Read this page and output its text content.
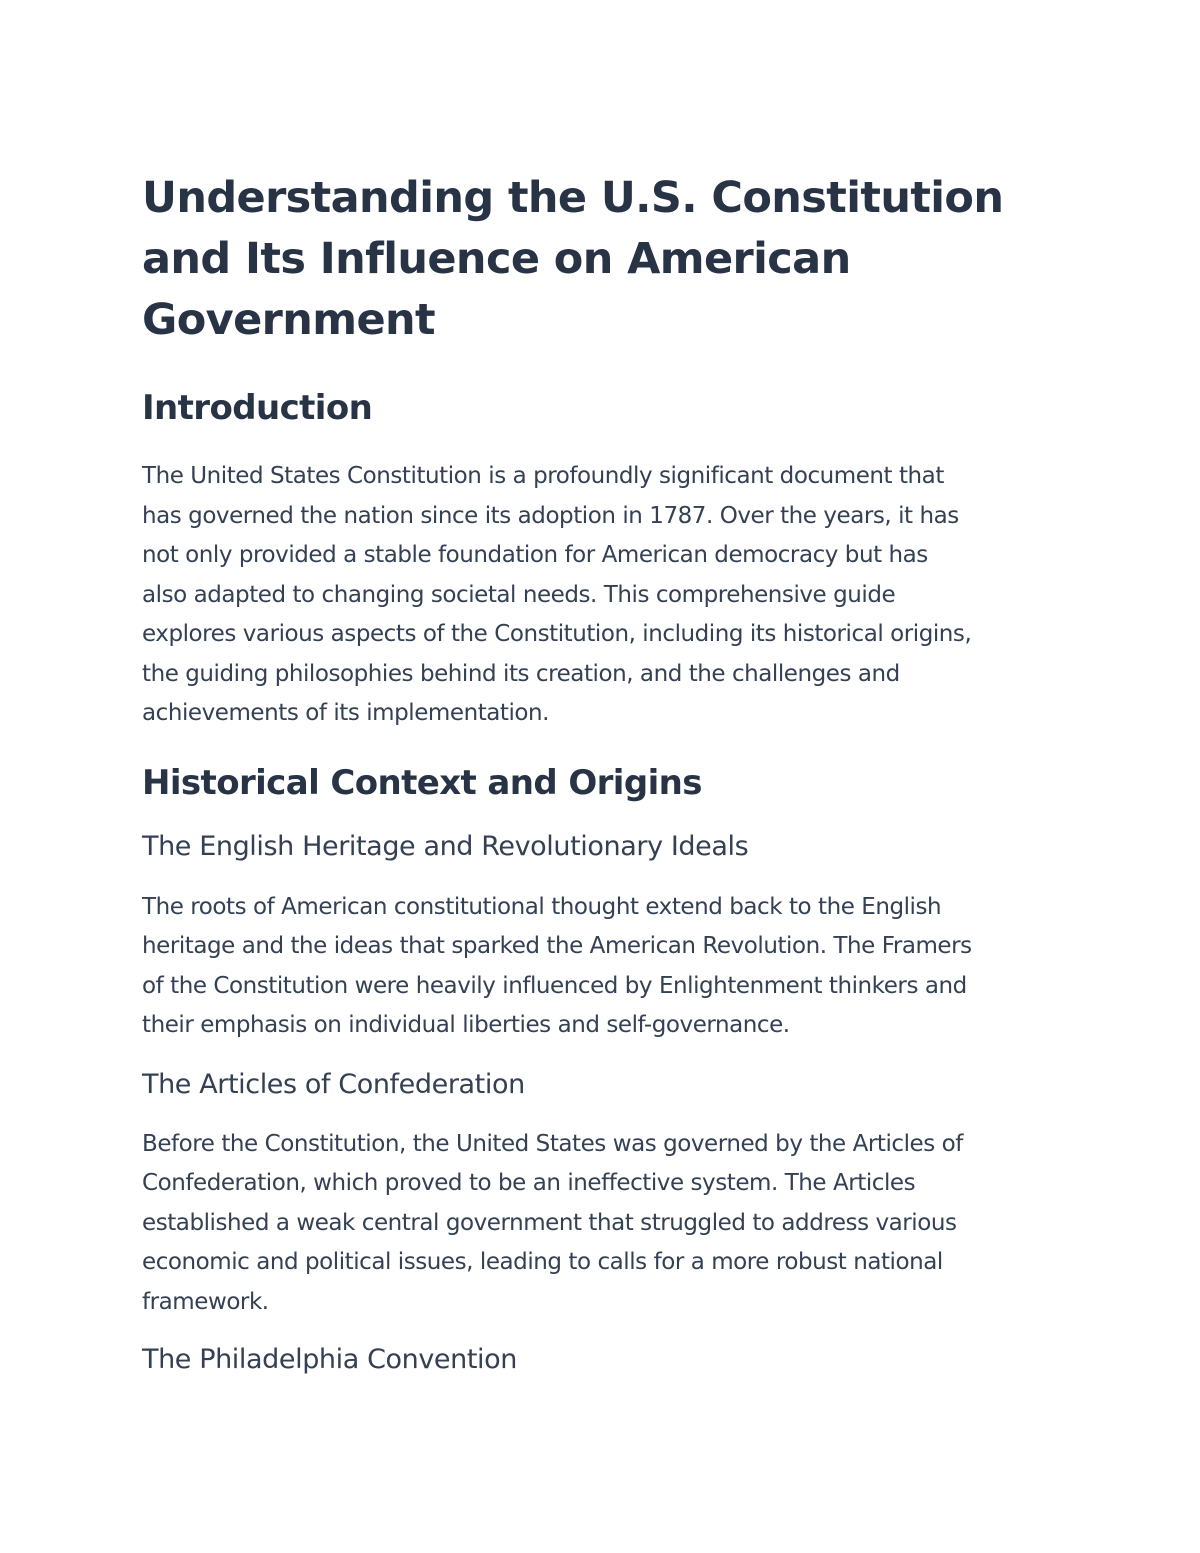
Understanding the U.S. Constitution
and Its Influence on American
Government
Introduction

The United States Constitution is a profoundly significant document that
has governed the nation since its adoption in 1787. Over the years, it has
not only provided a stable foundation for American democracy but has
also adapted to changing societal needs. This comprehensive guide
explores various aspects of the Constitution, including its historical origins,
the guiding philosophies behind its creation, and the challenges and
achievements of its implementation.

Historical Context and Origins
The English Heritage and Revolutionary Ideals

The roots of American constitutional thought extend back to the English
heritage and the ideas that sparked the American Revolution. The Framers
of the Constitution were heavily influenced by Enlightenment thinkers and
their emphasis on individual liberties and self-governance.

The Articles of Confederation

Before the Constitution, the United States was governed by the Articles of
Confederation, which proved to be an ineffective system. The Articles
established a weak central government that struggled to address various
economic and political issues, leading to calls for a more robust national
framework.

The Philadelphia Convention
